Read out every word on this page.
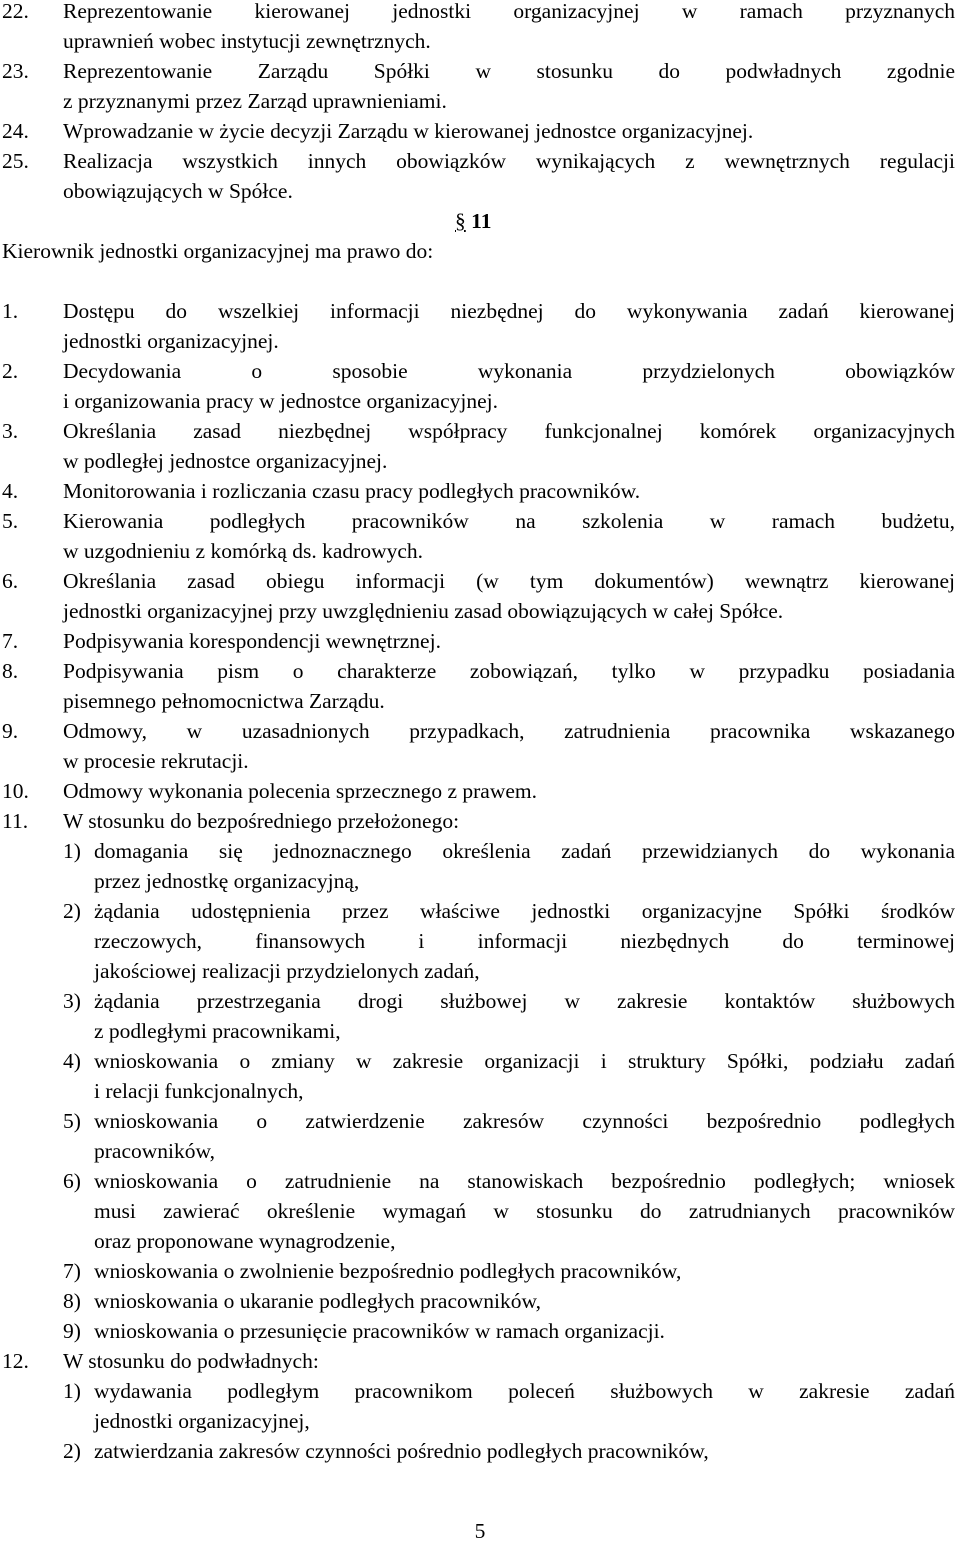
22. Reprezentowanie kierowanej jednostki organizacyjnej w ramach przyznanych
uprawnień wobec instytucji zewnętrznych.
23. Reprezentowanie Zarządu Spółki w stosunku do podwładnych zgodnie
z przyznanymi przez Zarząd uprawnieniami.
24. Wprowadzanie w życie decyzji Zarządu w kierowanej jednostce organizacyjnej.
25. Realizacja wszystkich innych obowiązków wynikających z wewnętrznych regulacji
obowiązujących w Spółce.
§ 11
Kierownik jednostki organizacyjnej ma prawo do:
1. Dostępu do wszelkiej informacji niezbędnej do wykonywania zadań kierowanej
jednostki organizacyjnej.
2. Decydowania o sposobie wykonania przydzielonych obowiązków
i organizowania pracy w jednostce organizacyjnej.
3. Określania zasad niezbędnej współpracy funkcjonalnej komórek organizacyjnych
w podległej jednostce organizacyjnej.
4. Monitorowania i rozliczania czasu pracy podległych pracowników.
5. Kierowania podległych pracowników na szkolenia w ramach budżetu,
w uzgodnieniu z komórką ds. kadrowych.
6. Określania zasad obiegu informacji (w tym dokumentów) wewnątrz kierowanej
jednostki organizacyjnej przy uwzględnieniu zasad obowiązujących w całej Spółce.
7. Podpisywania korespondencji wewnętrznej.
8. Podpisywania pism o charakterze zobowiązań, tylko w przypadku posiadania
pisemnego pełnomocnictwa Zarządu.
9. Odmowy, w uzasadnionych przypadkach, zatrudnienia pracownika wskazanego
w procesie rekrutacji.
10. Odmowy wykonania polecenia sprzecznego z prawem.
11. W stosunku do bezpośredniego przełożonego:
1) domagania się jednoznacznego określenia zadań przewidzianych do wykonania
przez jednostkę organizacyjną,
2) żądania udostępnienia przez właściwe jednostki organizacyjne Spółki środków
rzeczowych, finansowych i informacji niezbędnych do terminowej
jakościowej realizacji przydzielonych zadań,
3) żądania przestrzegania drogi służbowej w zakresie kontaktów służbowych
z podległymi pracownikami,
4) wnioskowania o zmiany w zakresie organizacji i struktury Spółki, podziału zadań
i relacji funkcjonalnych,
5) wnioskowania o zatwierdzenie zakresów czynności bezpośrednio podległych
pracowników,
6) wnioskowania o zatrudnienie na stanowiskach bezpośrednio podległych; wniosek
musi zawierać określenie wymagań w stosunku do zatrudnianych pracowników
oraz proponowane wynagrodzenie,
7) wnioskowania o zwolnienie bezpośrednio podległych pracowników,
8) wnioskowania o ukaranie podległych pracowników,
9) wnioskowania o przesunięcie pracowników w ramach organizacji.
12. W stosunku do podwładnych:
1) wydawania podległym pracownikom poleceń służbowych w zakresie zadań
jednostki organizacyjnej,
2) zatwierdzania zakresów czynności pośrednio podległych pracowników,
5
